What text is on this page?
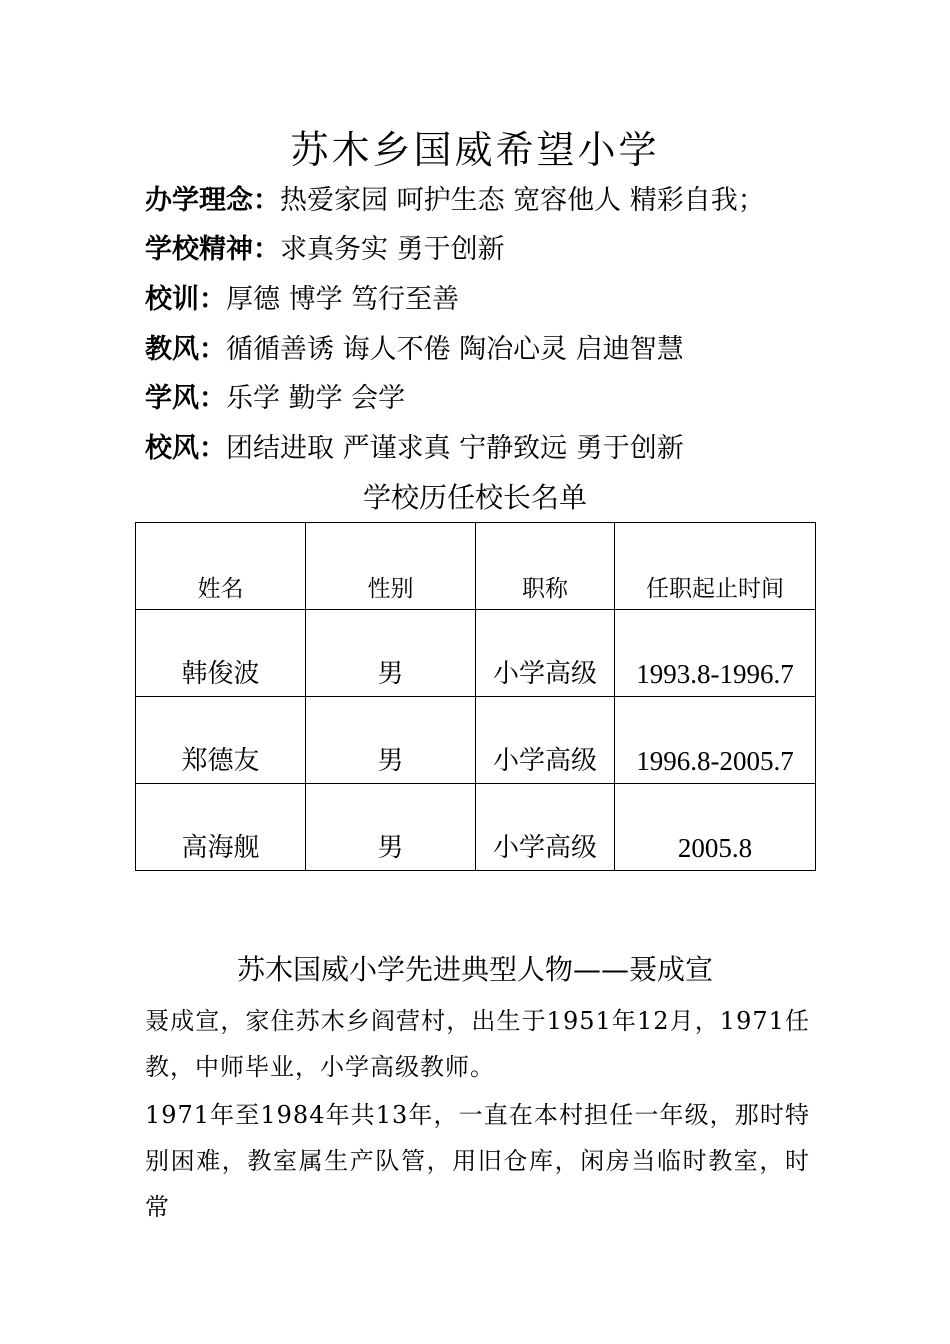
苏木乡国威希望小学
办学理念：热爱家园 呵护生态 宽容他人 精彩自我；
学校精神：求真务实 勇于创新
校训：厚德 博学 笃行至善
教风：循循善诱 诲人不倦 陶冶心灵 启迪智慧
学风：乐学 勤学 会学
校风：团结进取 严谨求真 宁静致远 勇于创新
学校历任校长名单
姓名	性别	职称	任职起止时间
韩俊波	男	小学高级	1993.8-1996.7
郑德友	男	小学高级	1996.8-2005.7
高海舰	男	小学高级	2005.8
苏木国威小学先进典型人物——聂成宣
聂成宣，家住苏木乡阎营村，出生于1951年12月，1971任教，中师毕业，小学高级教师。
1971年至1984年共13年，一直在本村担任一年级，那时特别困难，教室属生产队管，用旧仓库，闲房当临时教室，时常
